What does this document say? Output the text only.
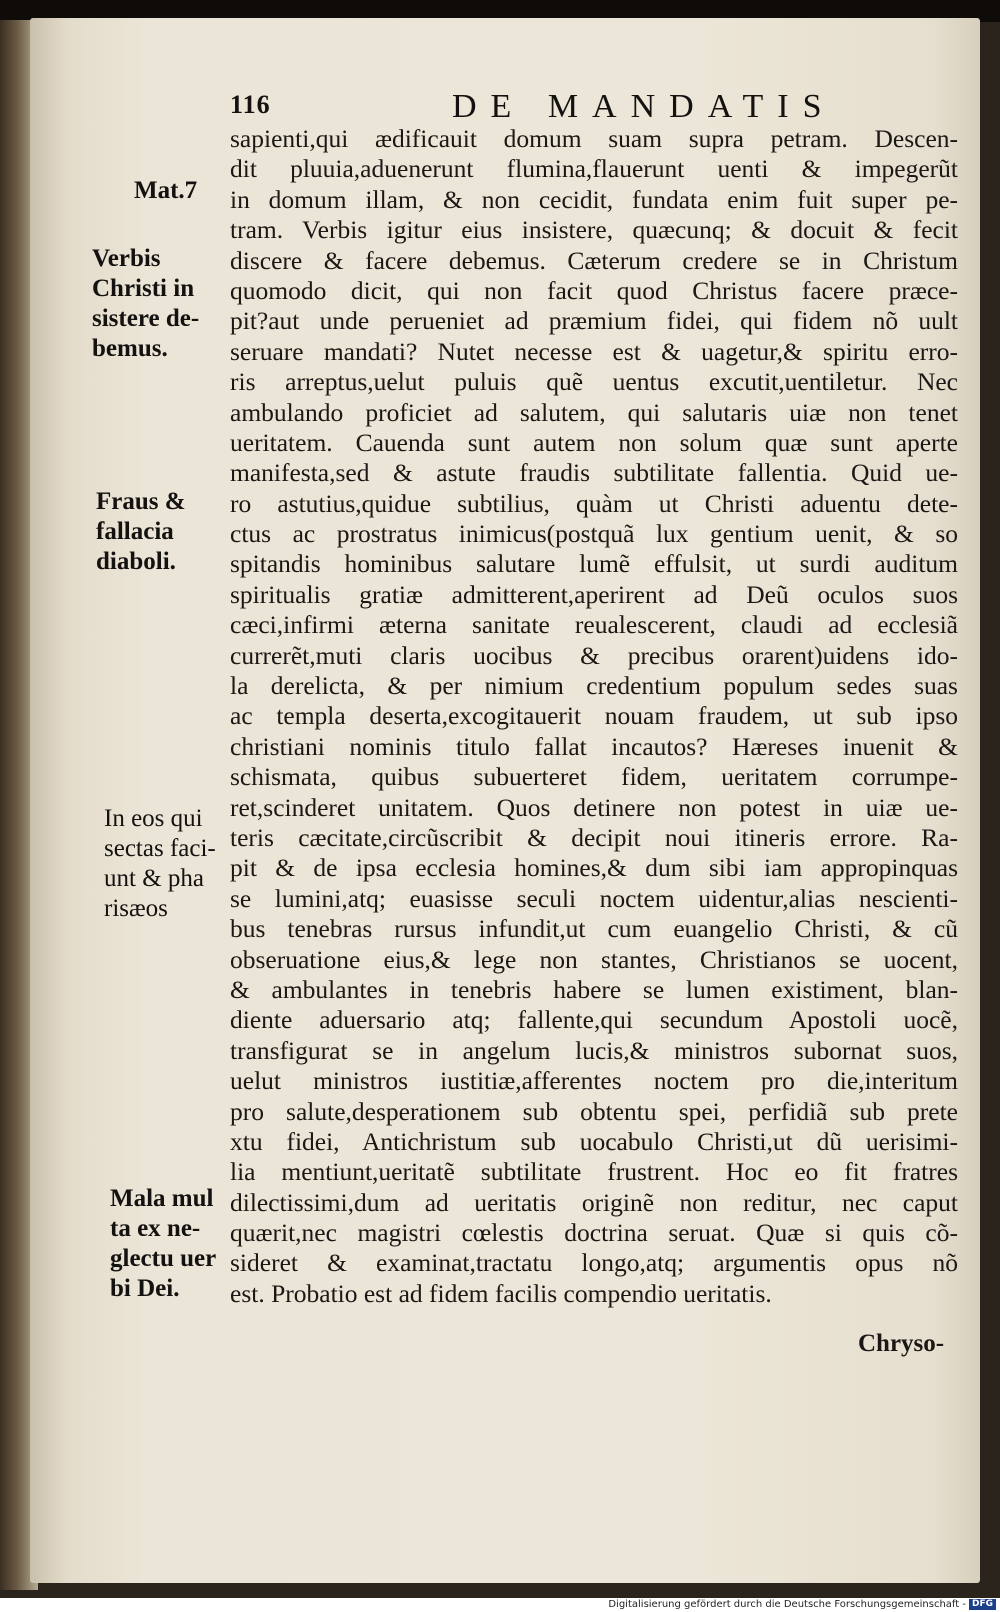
116	DE MANDATIS
sapienti,qui ædificauit domum suam supra petram. Descen-
dit pluuia,aduenerunt flumina,flauerunt uenti & impegerũt
in domum illam, & non cecidit, fundata enim fuit super pe-
tram. Verbis igitur eius insistere, quæcunq; & docuit & fecit
discere & facere debemus. Cæterum credere se in Christum
quomodo dicit, qui non facit quod Christus facere præce-
pit?aut unde perueniet ad præmium fidei, qui fidem nõ uult
seruare mandati? Nutet necesse est & uagetur,& spiritu erro-
ris arreptus,uelut puluis quẽ uentus excutit,uentiletur. Nec
ambulando proficiet ad salutem, qui salutaris uiæ non tenet
ueritatem. Cauenda sunt autem non solum quæ sunt aperte
manifesta,sed & astute fraudis subtilitate fallentia. Quid ue-
ro astutius,quidue subtilius, quàm ut Christi aduentu dete-
ctus ac prostratus inimicus(postquã lux gentium uenit, & so
spitandis hominibus salutare lumẽ effulsit, ut surdi auditum
spiritualis gratiæ admitterent,aperirent ad Deũ oculos suos
cæci,infirmi æterna sanitate reualescerent, claudi ad ecclesiã
currerẽt,muti claris uocibus & precibus orarent)uidens ido-
la derelicta, & per nimium credentium populum sedes suas
ac templa deserta,excogitauerit nouam fraudem, ut sub ipso
christiani nominis titulo fallat incautos? Hæreses inuenit &
schismata, quibus subuerteret fidem, ueritatem corrumpe-
ret,scinderet unitatem. Quos detinere non potest in uiæ ue-
teris cæcitate,circũscribit & decipit noui itineris errore. Ra-
pit & de ipsa ecclesia homines,& dum sibi iam appropinquas
se lumini,atq; euasisse seculi noctem uidentur,alias nescienti-
bus tenebras rursus infundit,ut cum euangelio Christi, & cũ
obseruatione eius,& lege non stantes, Christianos se uocent,
& ambulantes in tenebris habere se lumen existiment, blan-
diente aduersario atq; fallente,qui secundum Apostoli uocẽ,
transfigurat se in angelum lucis,& ministros subornat suos,
uelut ministros iustitiæ,afferentes noctem pro die,interitum
pro salute,desperationem sub obtentu spei, perfidiã sub prete
xtu fidei, Antichristum sub uocabulo Christi,ut dũ uerisimi-
lia mentiunt,ueritatẽ subtilitate frustrent. Hoc eo fit fratres
dilectissimi,dum ad ueritatis originẽ non reditur, nec caput
quærit,nec magistri cœlestis doctrina seruat. Quæ si quis cõ-
sideret & examinat,tractatu longo,atq; argumentis opus nõ
est. Probatio est ad fidem facilis compendio ueritatis.
Chryso-
Mat.7
Verbis
Christi in
sistere de-
bemus.
Fraus &
fallacia
diaboli.
In eos qui
sectas faci-
unt & pha
risæos
Mala mul
ta ex ne-
glectu uer
bi Dei.
Digitalisierung gefördert durch die Deutsche Forschungsgemeinschaft - DFG
